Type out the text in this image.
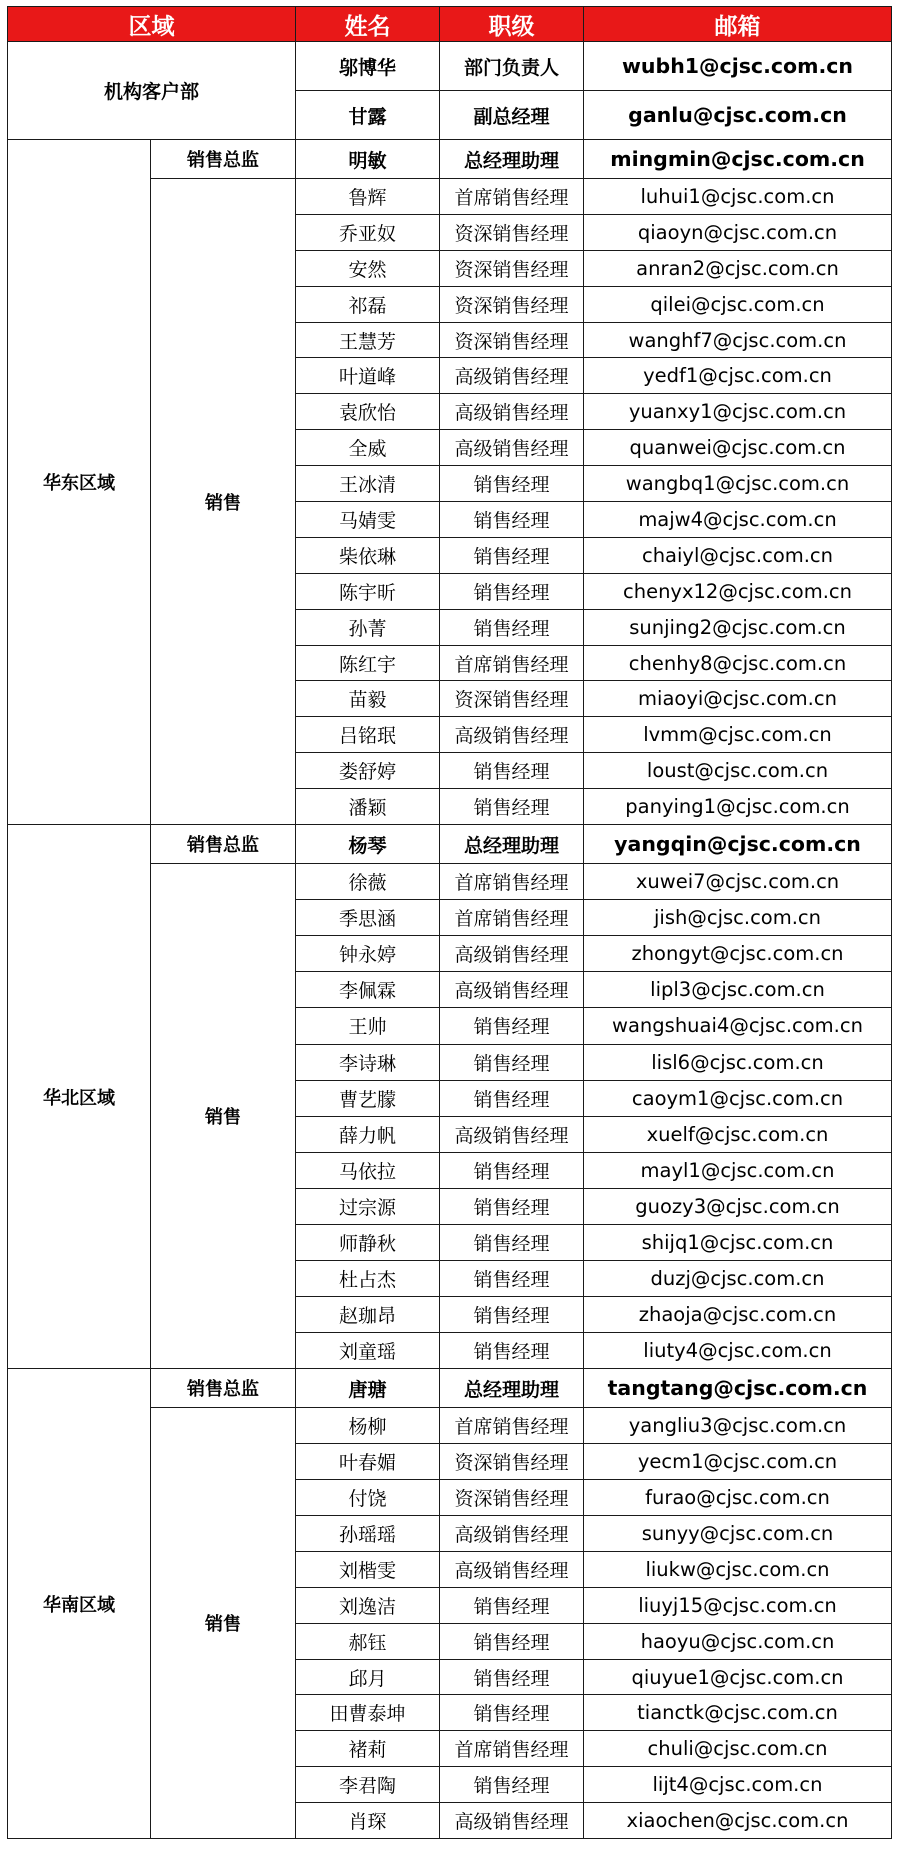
区域		姓名	职级	邮箱
机构客户部		邬博华	部门负责人	wubh1@cjsc.com.cn
		甘露	副总经理	ganlu@cjsc.com.cn
华东区域	销售总监	明敏	总经理助理	mingmin@cjsc.com.cn
	销售	鲁辉	首席销售经理	luhui1@cjsc.com.cn
		乔亚奴	资深销售经理	qiaoyn@cjsc.com.cn
		安然	资深销售经理	anran2@cjsc.com.cn
		祁磊	资深销售经理	qilei@cjsc.com.cn
		王慧芳	资深销售经理	wanghf7@cjsc.com.cn
		叶道峰	高级销售经理	yedf1@cjsc.com.cn
		袁欣怡	高级销售经理	yuanxy1@cjsc.com.cn
		全威	高级销售经理	quanwei@cjsc.com.cn
		王冰清	销售经理	wangbq1@cjsc.com.cn
		马婧雯	销售经理	majw4@cjsc.com.cn
		柴依琳	销售经理	chaiyl@cjsc.com.cn
		陈宇昕	销售经理	chenyx12@cjsc.com.cn
		孙菁	销售经理	sunjing2@cjsc.com.cn
		陈红宇	首席销售经理	chenhy8@cjsc.com.cn
		苗毅	资深销售经理	miaoyi@cjsc.com.cn
		吕铭珉	高级销售经理	lvmm@cjsc.com.cn
		娄舒婷	销售经理	loust@cjsc.com.cn
		潘颖	销售经理	panying1@cjsc.com.cn
华北区域	销售总监	杨琴	总经理助理	yangqin@cjsc.com.cn
	销售	徐薇	首席销售经理	xuwei7@cjsc.com.cn
		季思涵	首席销售经理	jish@cjsc.com.cn
		钟永婷	高级销售经理	zhongyt@cjsc.com.cn
		李佩霖	高级销售经理	lipl3@cjsc.com.cn
		王帅	销售经理	wangshuai4@cjsc.com.cn
		李诗琳	销售经理	lisl6@cjsc.com.cn
		曹艺朦	销售经理	caoym1@cjsc.com.cn
		薛力帆	高级销售经理	xuelf@cjsc.com.cn
		马依拉	销售经理	mayl1@cjsc.com.cn
		过宗源	销售经理	guozy3@cjsc.com.cn
		师静秋	销售经理	shijq1@cjsc.com.cn
		杜占杰	销售经理	duzj@cjsc.com.cn
		赵珈昂	销售经理	zhaoja@cjsc.com.cn
		刘童瑶	销售经理	liuty4@cjsc.com.cn
华南区域	销售总监	唐瑭	总经理助理	tangtang@cjsc.com.cn
	销售	杨柳	首席销售经理	yangliu3@cjsc.com.cn
		叶春媚	资深销售经理	yecm1@cjsc.com.cn
		付饶	资深销售经理	furao@cjsc.com.cn
		孙瑶瑶	高级销售经理	sunyy@cjsc.com.cn
		刘楷雯	高级销售经理	liukw@cjsc.com.cn
		刘逸洁	销售经理	liuyj15@cjsc.com.cn
		郝钰	销售经理	haoyu@cjsc.com.cn
		邱月	销售经理	qiuyue1@cjsc.com.cn
		田曹泰坤	销售经理	tianctk@cjsc.com.cn
		褚莉	首席销售经理	chuli@cjsc.com.cn
		李君陶	销售经理	lijt4@cjsc.com.cn
		肖琛	高级销售经理	xiaochen@cjsc.com.cn
